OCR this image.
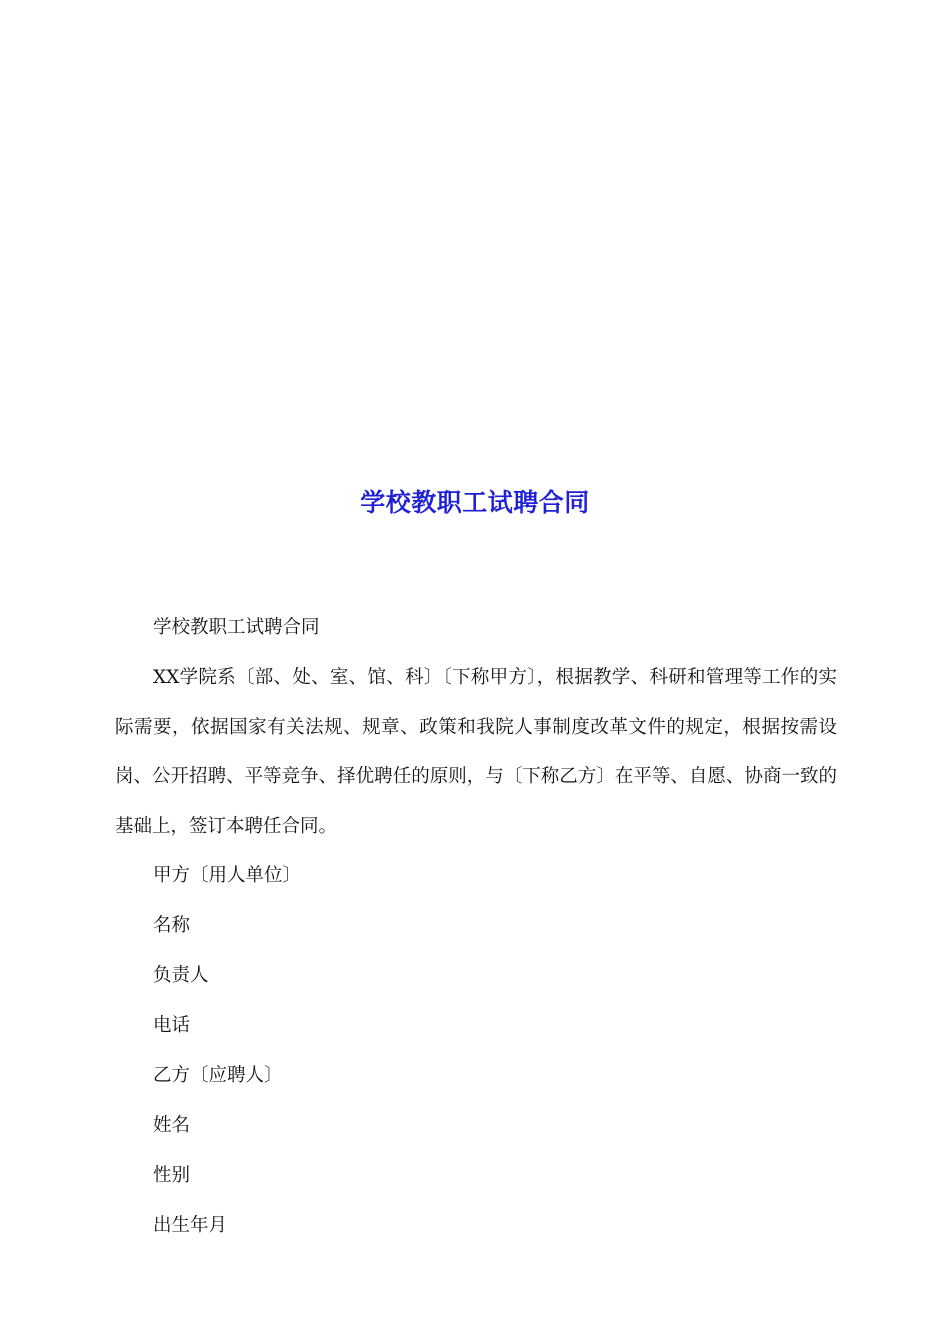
学校教职工试聘合同

学校教职工试聘合同

XX学院系〔部、处、室、馆、科〕〔下称甲方〕，根据教学、科研和管理等工作的实际需要，依据国家有关法规、规章、政策和我院人事制度改革文件的规定，根据按需设岗、公开招聘、平等竞争、择优聘任的原则，与〔下称乙方〕在平等、自愿、协商一致的基础上，签订本聘任合同。

甲方〔用人单位〕

名称

负责人

电话

乙方〔应聘人〕

姓名

性别

出生年月
